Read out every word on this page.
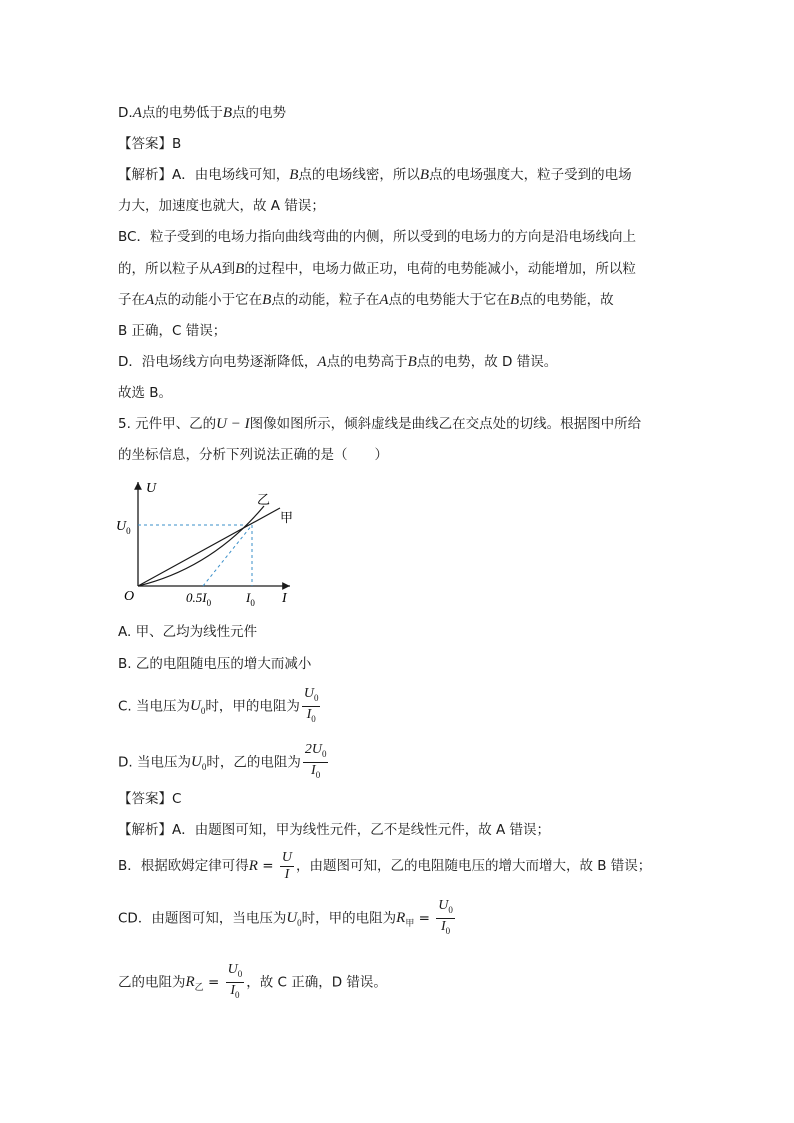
D.A点的电势低于B点的电势
【答案】B
【解析】A．由电场线可知，B点的电场线密，所以B点的电场强度大，粒子受到的电场
力大，加速度也就大，故 A 错误；
BC．粒子受到的电场力指向曲线弯曲的内侧，所以受到的电场力的方向是沿电场线向上
的，所以粒子从A到B的过程中，电场力做正功，电荷的电势能减小，动能增加，所以粒
子在A点的动能小于它在B点的动能，粒子在A点的电势能大于它在B点的电势能，故
B 正确，C 错误；
D．沿电场线方向电势逐渐降低，A点的电势高于B点的电势，故 D 错误。
故选 B。
5. 元件甲、乙的U − I图像如图所示，倾斜虚线是曲线乙在交点处的切线。根据图中所给
的坐标信息，分析下列说法正确的是（　　）
U
I
O
$U_0$
$0.5I_0$	$I_0$
乙
甲
A. 甲、乙均为线性元件
B. 乙的电阻随电压的增大而减小
C. 当电压为$U_0$时，甲的电阻为 $\frac{U_0}{I_0}$
D. 当电压为$U_0$时，乙的电阻为 $\frac{2U_0}{I_0}$
【答案】C
【解析】A．由题图可知，甲为线性元件，乙不是线性元件，故 A 错误；
B．根据欧姆定律可得$R = \frac{U}{I}$ ，由题图可知，乙的电阻随电压的增大而增大，故 B 错误；
CD．由题图可知，当电压为$U_0$时，甲的电阻为$R_甲 = \frac{U_0}{I_0}$
乙的电阻为$R_乙 = \frac{U_0}{I_0}$ ，故 C 正确，D 错误。
